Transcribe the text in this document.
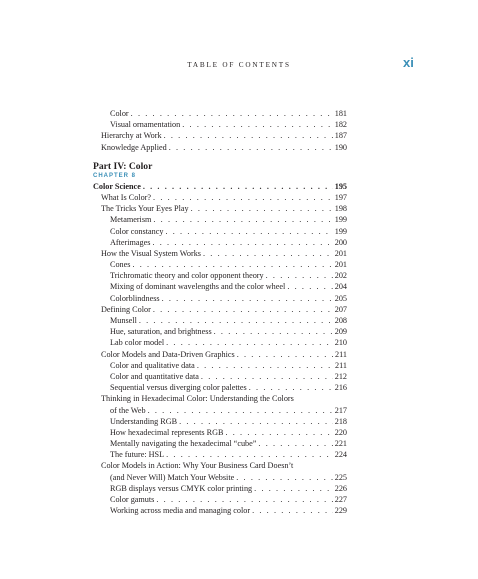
TABLE OF CONTENTS	xi
Color . . .	181
Visual ornamentation . . .	182
Hierarchy at Work . . .	187
Knowledge Applied . . .	190
Part IV: Color
CHAPTER 8
Color Science . . .	195
What Is Color? . . .	197
The Tricks Your Eyes Play . . .	198
Metamerism . . .	199
Color constancy . . .	199
Afterimages . . .	200
How the Visual System Works . . .	201
Cones . . .	201
Trichromatic theory and color opponent theory . . .	202
Mixing of dominant wavelengths and the color wheel . . .	204
Colorblindness . . .	205
Defining Color . . .	207
Munsell . . .	208
Hue, saturation, and brightness . . .	209
Lab color model . . .	210
Color Models and Data-Driven Graphics . . .	211
Color and qualitative data . . .	211
Color and quantitative data . . .	212
Sequential versus diverging color palettes . . .	216
Thinking in Hexadecimal Color: Understanding the Colors
of the Web . . .	217
Understanding RGB . . .	218
How hexadecimal represents RGB . . .	220
Mentally navigating the hexadecimal “cube” . . .	221
The future: HSL . . .	224
Color Models in Action: Why Your Business Card Doesn’t
(and Never Will) Match Your Website . . .	225
RGB displays versus CMYK color printing . . .	226
Color gamuts . . .	227
Working across media and managing color . . .	229
